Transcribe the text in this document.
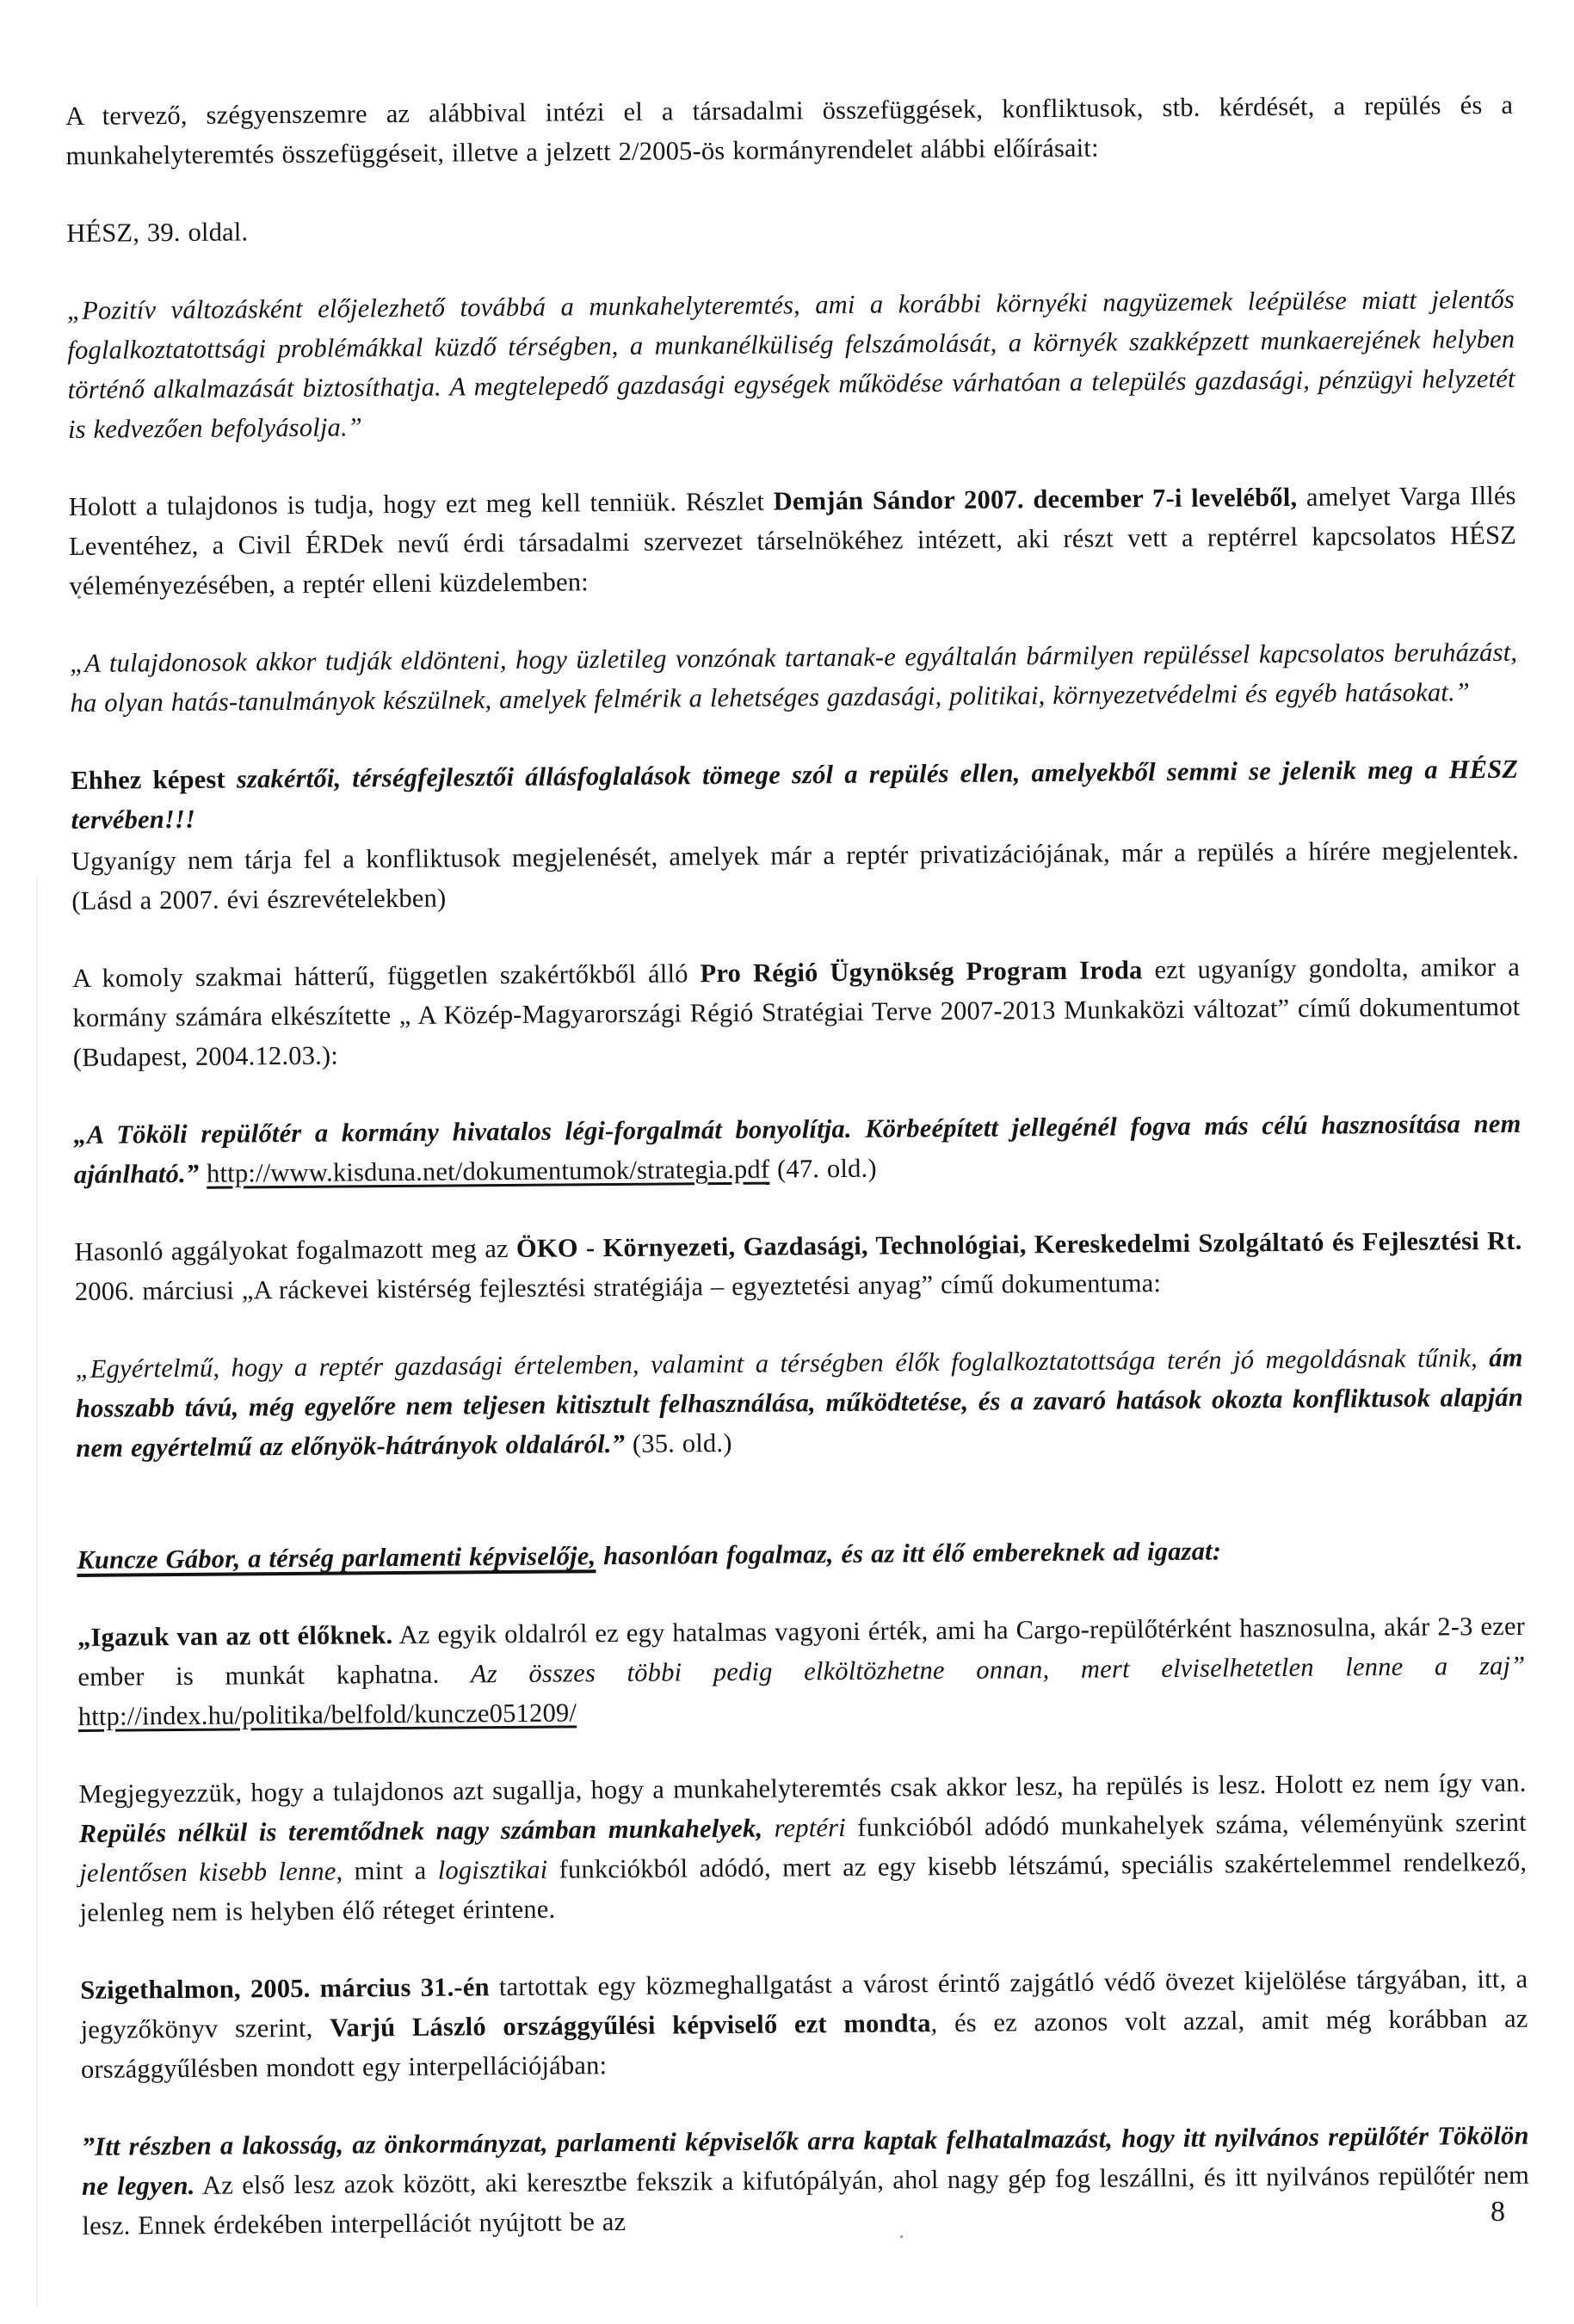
A tervező, szégyenszemre az alábbival intézi el a társadalmi összefüggések, konfliktusok, stb. kérdését, a repülés és a munkahelyteremtés összefüggéseit, illetve a jelzett 2/2005-ös kormányrendelet alábbi előírásait:

HÉSZ, 39. oldal.

„Pozitív változásként előjelezhető továbbá a munkahelyteremtés, ami a korábbi környéki nagyüzemek leépülése miatt jelentős foglalkoztatottsági problémákkal küzdő térségben, a munkanélküliség felszámolását, a környék szakképzett munkaerejének helyben történő alkalmazását biztosíthatja. A megtelepedő gazdasági egységek működése várhatóan a település gazdasági, pénzügyi helyzetét is kedvezően befolyásolja.”

Holott a tulajdonos is tudja, hogy ezt meg kell tenniük. Részlet Demján Sándor 2007. december 7-i leveléből, amelyet Varga Illés Leventéhez, a Civil ÉRDek nevű érdi társadalmi szervezet társelnökéhez intézett, aki részt vett a reptérrel kapcsolatos HÉSZ véleményezésében, a reptér elleni küzdelemben:

„A tulajdonosok akkor tudják eldönteni, hogy üzletileg vonzónak tartanak-e egyáltalán bármilyen repüléssel kapcsolatos beruházást, ha olyan hatás-tanulmányok készülnek, amelyek felmérik a lehetséges gazdasági, politikai, környezetvédelmi és egyéb hatásokat.”

Ehhez képest szakértői, térségfejlesztői állásfoglalások tömege szól a repülés ellen, amelyekből semmi se jelenik meg a HÉSZ tervében!!!

Ugyanígy nem tárja fel a konfliktusok megjelenését, amelyek már a reptér privatizációjának, már a repülés a hírére megjelentek. (Lásd a 2007. évi észrevételekben)

A komoly szakmai hátterű, független szakértőkből álló Pro Régió Ügynökség Program Iroda ezt ugyanígy gondolta, amikor a kormány számára elkészítette „ A Közép-Magyarországi Régió Stratégiai Terve 2007-2013 Munkaközi változat” című dokumentumot (Budapest, 2004.12.03.):

„A Tököli repülőtér a kormány hivatalos légi-forgalmát bonyolítja. Körbeépített jellegénél fogva más célú hasznosítása nem ajánlható.” http://www.kisduna.net/dokumentumok/strategia.pdf (47. old.)

Hasonló aggályokat fogalmazott meg az ÖKO - Környezeti, Gazdasági, Technológiai, Kereskedelmi Szolgáltató és Fejlesztési Rt. 2006. márciusi „A ráckevei kistérség fejlesztési stratégiája – egyeztetési anyag” című dokumentuma:

„Egyértelmű, hogy a reptér gazdasági értelemben, valamint a térségben élők foglalkoztatottsága terén jó megoldásnak tűnik, ám hosszabb távú, még egyelőre nem teljesen kitisztult felhasználása, működtetése, és a zavaró hatások okozta konfliktusok alapján nem egyértelmű az előnyök-hátrányok oldaláról.” (35. old.)

Kuncze Gábor, a térség parlamenti képviselője, hasonlóan fogalmaz, és az itt élő embereknek ad igazat:

„Igazuk van az ott élőknek. Az egyik oldalról ez egy hatalmas vagyoni érték, ami ha Cargo-repülőtérként hasznosulna, akár 2-3 ezer ember is munkát kaphatna. Az összes többi pedig elköltözhetne onnan, mert elviselhetetlen lenne a zaj” http://index.hu/politika/belfold/kuncze051209/

Megjegyezzük, hogy a tulajdonos azt sugallja, hogy a munkahelyteremtés csak akkor lesz, ha repülés is lesz. Holott ez nem így van. Repülés nélkül is teremtődnek nagy számban munkahelyek, reptéri funkcióból adódó munkahelyek száma, véleményünk szerint jelentősen kisebb lenne, mint a logisztikai funkciókból adódó, mert az egy kisebb létszámú, speciális szakértelemmel rendelkező, jelenleg nem is helyben élő réteget érintene.

Szigethalmon, 2005. március 31.-én tartottak egy közmeghallgatást a várost érintő zajgátló védő övezet kijelölése tárgyában, itt, a jegyzőkönyv szerint, Varjú László országgyűlési képviselő ezt mondta, és ez azonos volt azzal, amit még korábban az országgyűlésben mondott egy interpellációjában:

”Itt részben a lakosság, az önkormányzat, parlamenti képviselők arra kaptak felhatalmazást, hogy itt nyilvános repülőtér Tökölön ne legyen. Az első lesz azok között, aki keresztbe fekszik a kifutópályán, ahol nagy gép fog leszállni, és itt nyilvános repülőtér nem lesz. Ennek érdekében interpellációt nyújtott be az	8
